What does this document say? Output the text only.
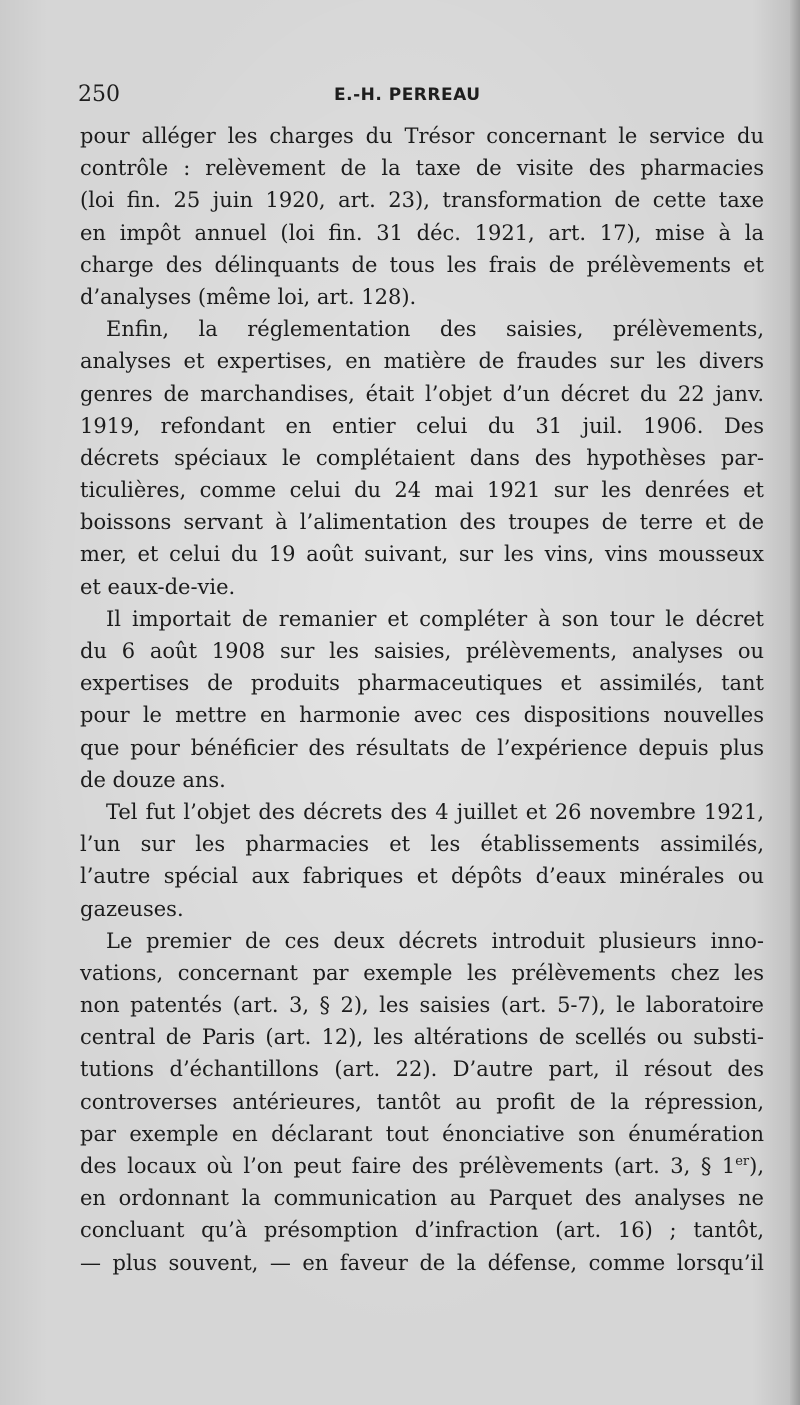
250	E.-H. PERREAU
pour alléger les charges du Trésor concernant le service du
contrôle : relèvement de la taxe de visite des pharmacies
(loi fin. 25 juin 1920, art. 23), transformation de cette taxe
en impôt annuel (loi fin. 31 déc. 1921, art. 17), mise à la
charge des délinquants de tous les frais de prélèvements et
d’analyses (même loi, art. 128).
Enfin, la réglementation des saisies, prélèvements,
analyses et expertises, en matière de fraudes sur les divers
genres de marchandises, était l’objet d’un décret du 22 janv.
1919, refondant en entier celui du 31 juil. 1906. Des
décrets spéciaux le complétaient dans des hypothèses par-
ticulières, comme celui du 24 mai 1921 sur les denrées et
boissons servant à l’alimentation des troupes de terre et de
mer, et celui du 19 août suivant, sur les vins, vins mousseux
et eaux-de-vie.
Il importait de remanier et compléter à son tour le décret
du 6 août 1908 sur les saisies, prélèvements, analyses ou
expertises de produits pharmaceutiques et assimilés, tant
pour le mettre en harmonie avec ces dispositions nouvelles
que pour bénéficier des résultats de l’expérience depuis plus
de douze ans.
Tel fut l’objet des décrets des 4 juillet et 26 novembre 1921,
l’un sur les pharmacies et les établissements assimilés,
l’autre spécial aux fabriques et dépôts d’eaux minérales ou
gazeuses.
Le premier de ces deux décrets introduit plusieurs inno-
vations, concernant par exemple les prélèvements chez les
non patentés (art. 3, § 2), les saisies (art. 5-7), le laboratoire
central de Paris (art. 12), les altérations de scellés ou substi-
tutions d’échantillons (art. 22). D’autre part, il résout des
controverses antérieures, tantôt au profit de la répression,
par exemple en déclarant tout énonciative son énumération
des locaux où l’on peut faire des prélèvements (art. 3, § 1er),
en ordonnant la communication au Parquet des analyses ne
concluant qu’à présomption d’infraction (art. 16) ; tantôt,
— plus souvent, — en faveur de la défense, comme lorsqu’il
